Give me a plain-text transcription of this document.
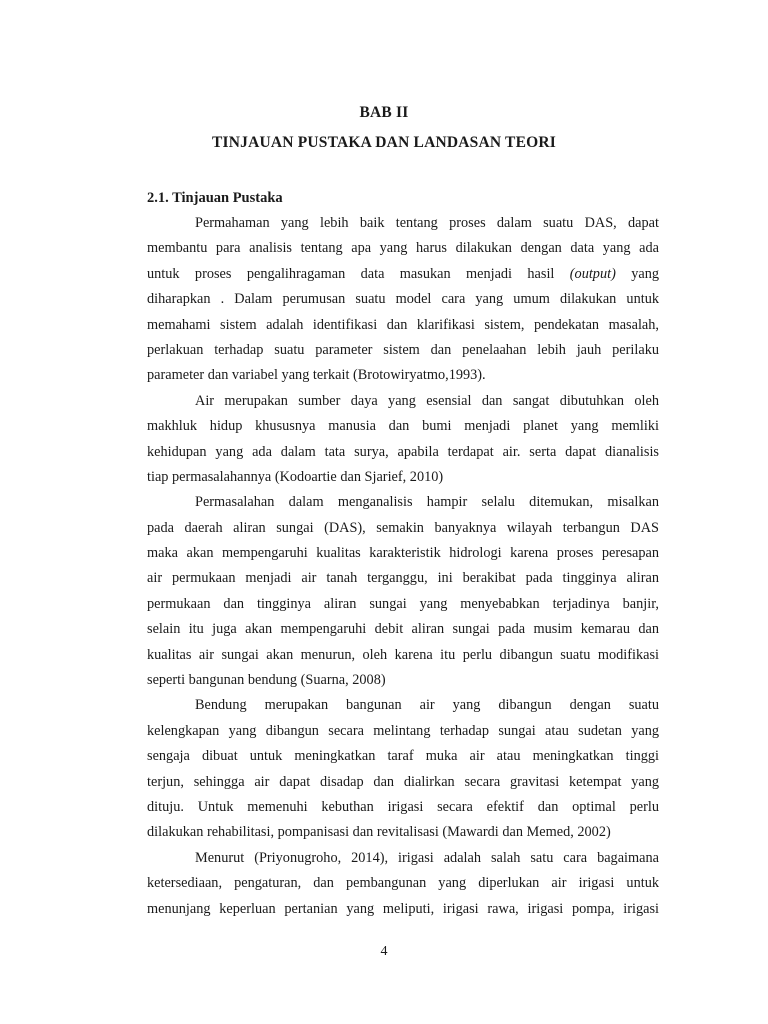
BAB II
TINJAUAN PUSTAKA DAN LANDASAN TEORI
2.1. Tinjauan Pustaka
Permahaman yang lebih baik tentang proses dalam suatu DAS, dapat
membantu para analisis tentang apa yang harus dilakukan dengan data yang ada
untuk proses pengalihragaman data masukan menjadi hasil (output) yang
diharapkan . Dalam perumusan suatu model cara yang umum dilakukan untuk
memahami sistem adalah identifikasi dan klarifikasi sistem, pendekatan masalah,
perlakuan terhadap suatu parameter sistem dan penelaahan lebih jauh perilaku
parameter dan variabel yang terkait (Brotowiryatmo,1993).
Air merupakan sumber daya yang esensial dan sangat dibutuhkan oleh
makhluk hidup khususnya manusia dan bumi menjadi planet yang memliki
kehidupan yang ada dalam tata surya, apabila terdapat air. serta dapat dianalisis
tiap permasalahannya (Kodoartie dan Sjarief, 2010)
Permasalahan dalam menganalisis hampir selalu ditemukan, misalkan
pada daerah aliran sungai (DAS), semakin banyaknya wilayah terbangun DAS
maka akan mempengaruhi kualitas karakteristik hidrologi karena proses peresapan
air permukaan menjadi air tanah terganggu, ini berakibat pada tingginya aliran
permukaan dan tingginya aliran sungai yang menyebabkan terjadinya banjir,
selain itu juga akan mempengaruhi debit aliran sungai pada musim kemarau dan
kualitas air sungai akan menurun, oleh karena itu perlu dibangun suatu modifikasi
seperti bangunan bendung (Suarna, 2008)
Bendung merupakan bangunan air yang dibangun dengan suatu
kelengkapan yang dibangun secara melintang terhadap sungai atau sudetan yang
sengaja dibuat untuk meningkatkan taraf muka air atau meningkatkan tinggi
terjun, sehingga air dapat disadap dan dialirkan secara gravitasi ketempat yang
dituju. Untuk memenuhi kebuthan irigasi secara efektif dan optimal perlu
dilakukan rehabilitasi, pompanisasi dan revitalisasi (Mawardi dan Memed, 2002)
Menurut (Priyonugroho, 2014), irigasi adalah salah satu cara bagaimana
ketersediaan, pengaturan, dan pembangunan yang diperlukan air irigasi untuk
menunjang keperluan pertanian yang meliputi, irigasi rawa, irigasi pompa, irigasi
4
